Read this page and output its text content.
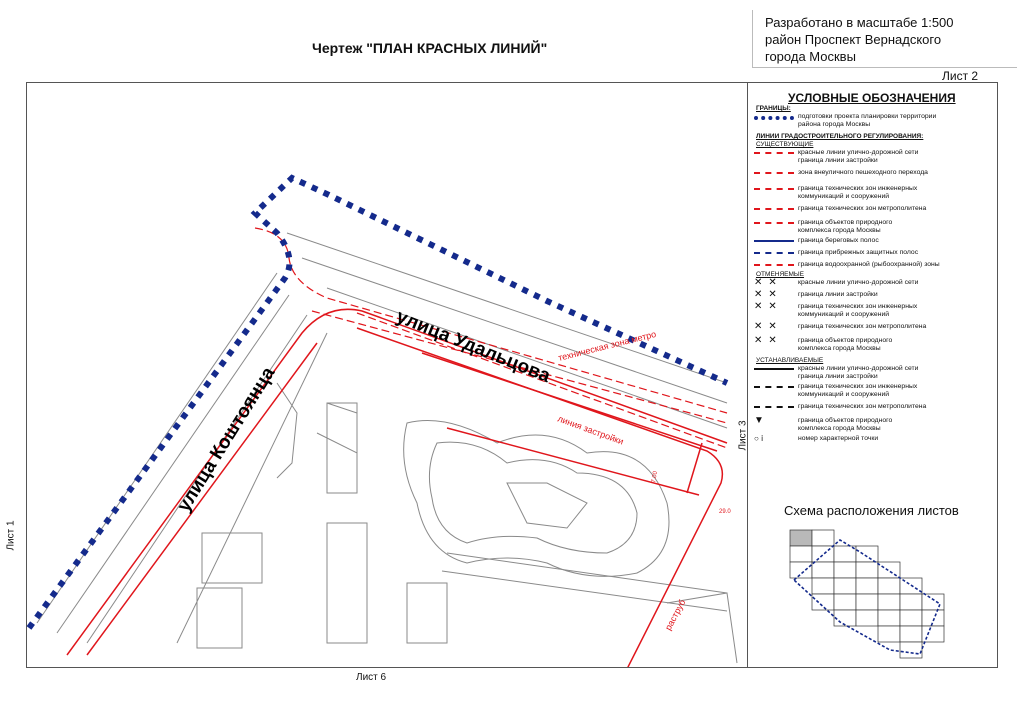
Чертеж "ПЛАН КРАСНЫХ ЛИНИЙ"
Разработано в масштабе 1:500
район Проспект Вернадского
города Москвы
Лист 2
улица Удальцова
улица Коштоянца
техническая зона метро
линия застройки
раструб
7.00
29.0
Лист 1
Лист 3
Лист 6
УСЛОВНЫЕ ОБОЗНАЧЕНИЯ
ГРАНИЦЫ:
подготовки проекта планировки территории
района города Москвы
ЛИНИИ ГРАДОСТРОИТЕЛЬНОГО РЕГУЛИРОВАНИЯ:
СУЩЕСТВУЮЩИЕ
красные линии улично-дорожной сети
граница линии застройки
зона внеуличного пешеходного перехода
граница технических зон инженерных
коммуникаций и сооружений
граница технических зон метрополитена
граница объектов природного
комплекса города Москвы
граница береговых полос
граница прибрежных защитных полос
граница водоохранной (рыбоохранной) зоны
ОТМЕНЯЕМЫЕ
✕✕	красные линии улично-дорожной сети
✕✕	граница линии застройки
✕✕	граница технических зон инженерных
коммуникаций и сооружений
✕✕	граница технических зон метрополитена
✕✕	граница объектов природного
комплекса города Москвы
УСТАНАВЛИВАЕМЫЕ
красные линии улично-дорожной сети
граница линии застройки
граница технических зон инженерных
коммуникаций и сооружений
граница технических зон метрополитена
▼	граница объектов природного
комплекса города Москвы
○ ⅰ	номер характерной точки
Схема расположения листов
